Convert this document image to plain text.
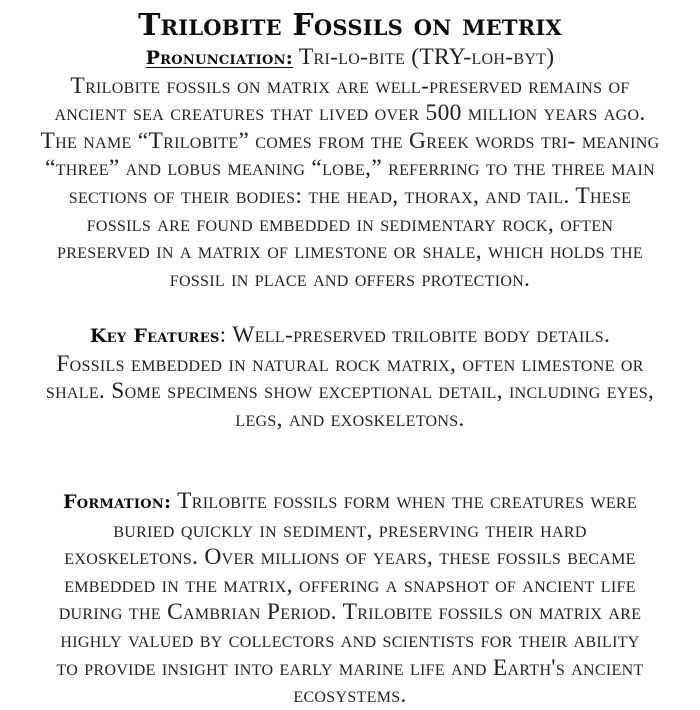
Trilobite Fossils on metrix
Pronunciation: Tri-lo-bite (TRY-loh-byt)
Trilobite fossils on matrix are well-preserved remains of
ancient sea creatures that lived over 500 million years ago.
The name “Trilobite” comes from the Greek words tri- meaning
“three” and lobus meaning “lobe,” referring to the three main
sections of their bodies: the head, thorax, and tail. These
fossils are found embedded in sedimentary rock, often
preserved in a matrix of limestone or shale, which holds the
fossil in place and offers protection.
Key Features: Well-preserved trilobite body details.
Fossils embedded in natural rock matrix, often limestone or
shale. Some specimens show exceptional detail, including eyes,
legs, and exoskeletons.
Formation: Trilobite fossils form when the creatures were
buried quickly in sediment, preserving their hard
exoskeletons. Over millions of years, these fossils became
embedded in the matrix, offering a snapshot of ancient life
during the Cambrian Period. Trilobite fossils on matrix are
highly valued by collectors and scientists for their ability
to provide insight into early marine life and Earth's ancient
ecosystems.
